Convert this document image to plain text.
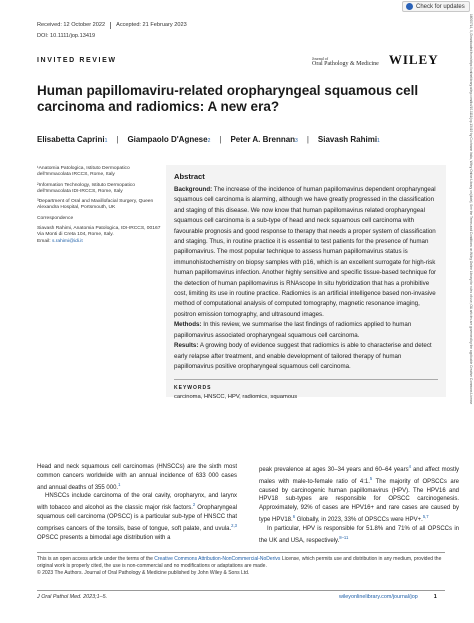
Check for updates
16000714, 0, Downloaded from https://onlinelibrary.wiley.com/doi/10.1111/jop.13419 by Cochrane Italia, Wiley Online Library on [date]. See the Terms and Conditions on Wiley Online Library for rules of use; OA articles are governed by the applicable Creative Commons License
Received: 12 October 2022 Accepted: 21 February 2023
DOI: 10.1111/jop.13419
INVITED REVIEW	Journal of
Oral Pathology & Medicine WILEY
Human papillomaviru-related oropharyngeal squamous cell carcinoma and radiomics: A new era?
Elisabetta Caprini 1 | Giampaolo D'Agnese 2 | Peter A. Brennan 3 | Siavash Rahimi 1

¹Anatomia Patologica, Istituto Dermopatico dell'Immacolata IRCCS, Rome, Italy

²Information Technology, Istituto Dermopatico dell'Immacolata IDI-IRCCS, Rome, Italy

³Department of Oral and Maxillofacial Surgery, Queen Alexandra Hospital, Portsmouth, UK

Correspondence

Siavash Rahimi, Anatomia Patologica, IDI-IRCCS, 00167 Via Monti di Creta 104, Rome, Italy.
Email: s.rahimi@idi.it

Abstract

Background: The increase of the incidence of human papillomavirus dependent oropharyngeal squamous cell carcinoma is alarming, although we have greatly progressed in the classification and staging of this disease. We now know that human papillomavirus related oropharyngeal squamous cell carcinoma is a sub-type of head and neck squamous cell carcinoma with favourable prognosis and good response to therapy that needs a proper system of classification and staging. Thus, in routine practice it is essential to test patients for the presence of human papillomavirus. The most popular technique to assess human papillomavirus status is immunohistochemistry on biopsy samples with p16, which is an excellent surrogate for high-risk human papillomavirus infection. Another highly sensitive and specific tissue-based technique for the detection of human papillomavirus is RNAscope In situ hybridization that has a prohibitive cost, limiting its use in routine practice. Radiomics is an artificial intelligence based non-invasive method of computational analysis of computed tomography, magnetic resonance imaging, positron emission tomography, and ultrasound images.

Methods: In this review, we summarise the last findings of radiomics applied to human papillomavirus associated oropharyngeal squamous cell carcinoma.

Results: A growing body of evidence suggest that radiomics is able to characterise and detect early relapse after treatment, and enable development of tailored therapy of human papillomavirus positive oropharyngeal squamous cell carcinoma.

KEYWORDS
carcinoma, HNSCC, HPV, radiomics, squamous

Head and neck squamous cell carcinomas (HNSCCs) are the sixth most common cancers worldwide with an annual incidence of 633 000 cases and annual deaths of 355 000.$^1$

HNSCCs include carcinoma of the oral cavity, oropharynx, and larynx with tobacco and alcohol as the classic major risk factors.$^2$ Oropharyngeal squamous cell carcinoma (OPSCC) is a particular sub-type of HNSCC that comprises cancers of the tonsils, base of tongue, soft palate, and uvula.$^{2,3}$ OPSCC presents a bimodal age distribution with a

peak prevalence at ages 30–34 years and 60–64 years$^4$ and affect mostly males with male-to-female ratio of 4:1.$^5$ The majority of OPSCCs are caused by carcinogenic human papillomavirus (HPV). The HPV16 and HPV18 sub-types are responsible for OPSCC carcinogenesis. Approximately, 92% of cases are HPV16+ and rare cases are caused by type HPV18.$^6$ Globally, in 2023, 33% of OPSCCs were HPV+.$^{5,7}$

In particular, HPV is responsible for 51.8% and 71% of all OPSCCs in the UK and USA, respectively.$^{8-11}$

This is an open access article under the terms of the Creative Commons Attribution-NonCommercial-NoDerivs License, which permits use and distribution in any medium, provided the original work is properly cited, the use is non-commercial and no modifications or adaptations are made.
© 2023 The Authors. Journal of Oral Pathology & Medicine published by John Wiley & Sons Ltd.
J Oral Pathol Med. 2023;1–5.	wileyonlinelibrary.com/journal/jop	1
